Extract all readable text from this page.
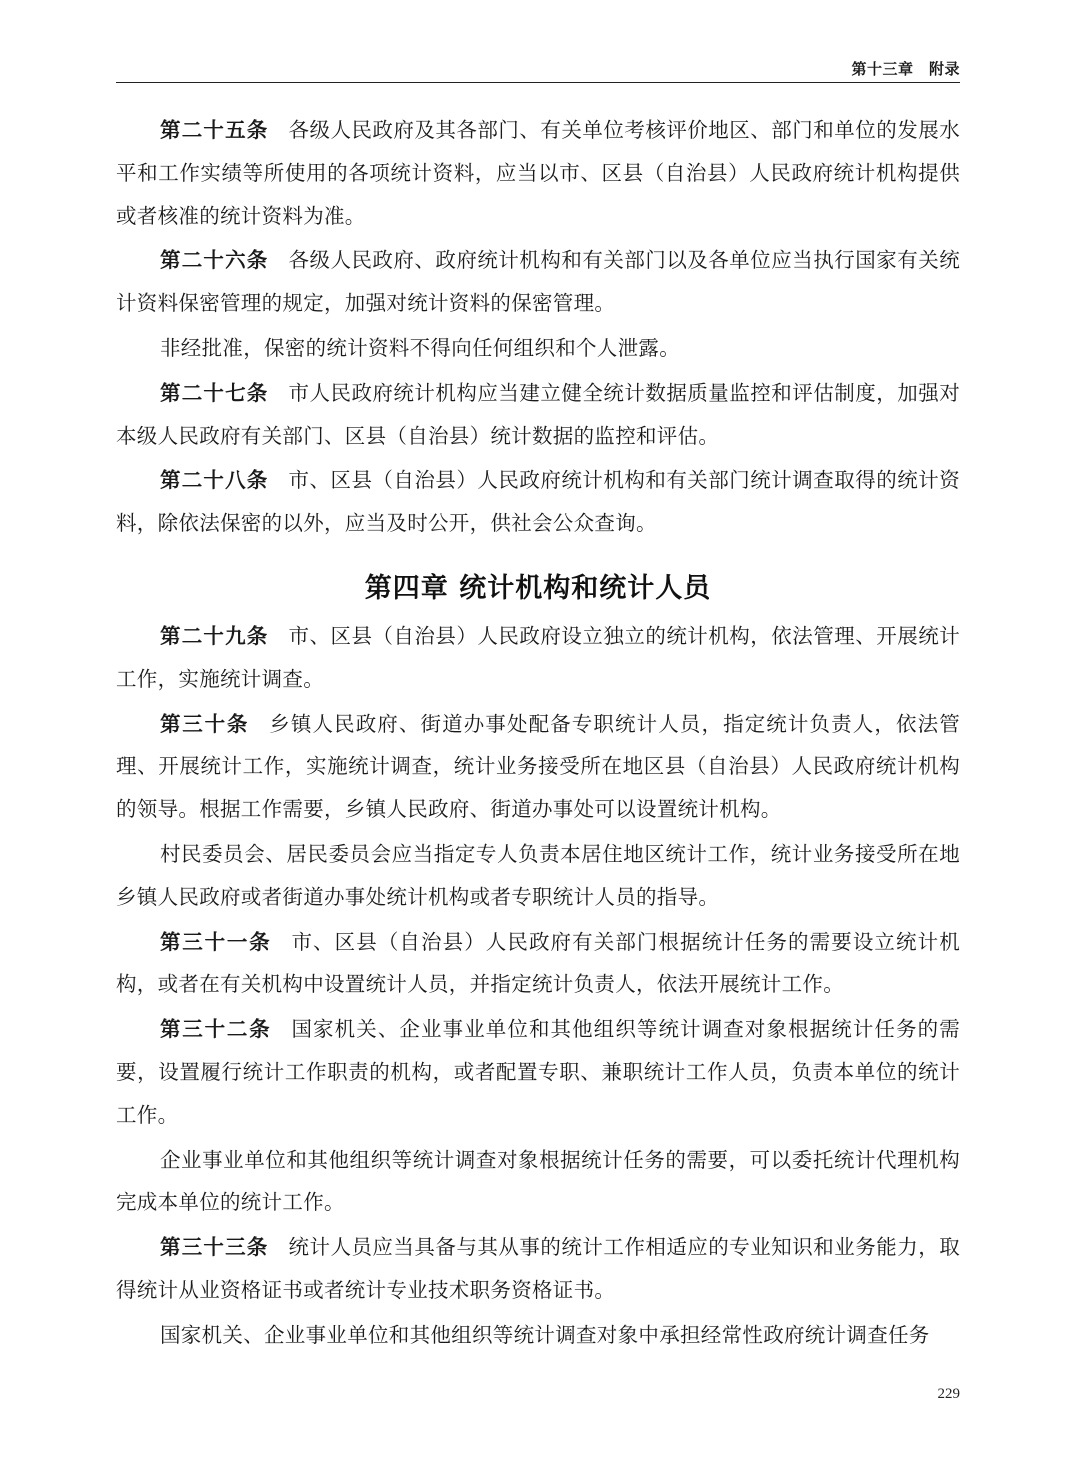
第十三章　附录

第二十五条 各级人民政府及其各部门、有关单位考核评价地区、部门和单位的发展水平和工作实绩等所使用的各项统计资料，应当以市、区县（自治县）人民政府统计机构提供或者核准的统计资料为准。

第二十六条 各级人民政府、政府统计机构和有关部门以及各单位应当执行国家有关统计资料保密管理的规定，加强对统计资料的保密管理。

非经批准，保密的统计资料不得向任何组织和个人泄露。

第二十七条 市人民政府统计机构应当建立健全统计数据质量监控和评估制度，加强对本级人民政府有关部门、区县（自治县）统计数据的监控和评估。

第二十八条 市、区县（自治县）人民政府统计机构和有关部门统计调查取得的统计资料，除依法保密的以外，应当及时公开，供社会公众查询。

第四章 统计机构和统计人员

第二十九条 市、区县（自治县）人民政府设立独立的统计机构，依法管理、开展统计工作，实施统计调查。

第三十条 乡镇人民政府、街道办事处配备专职统计人员，指定统计负责人，依法管理、开展统计工作，实施统计调查，统计业务接受所在地区县（自治县）人民政府统计机构的领导。根据工作需要，乡镇人民政府、街道办事处可以设置统计机构。

村民委员会、居民委员会应当指定专人负责本居住地区统计工作，统计业务接受所在地乡镇人民政府或者街道办事处统计机构或者专职统计人员的指导。

第三十一条 市、区县（自治县）人民政府有关部门根据统计任务的需要设立统计机构，或者在有关机构中设置统计人员，并指定统计负责人，依法开展统计工作。

第三十二条 国家机关、企业事业单位和其他组织等统计调查对象根据统计任务的需要，设置履行统计工作职责的机构，或者配置专职、兼职统计工作人员，负责本单位的统计工作。

企业事业单位和其他组织等统计调查对象根据统计任务的需要，可以委托统计代理机构完成本单位的统计工作。

第三十三条 统计人员应当具备与其从事的统计工作相适应的专业知识和业务能力，取得统计从业资格证书或者统计专业技术职务资格证书。

国家机关、企业事业单位和其他组织等统计调查对象中承担经常性政府统计调查任务

229
